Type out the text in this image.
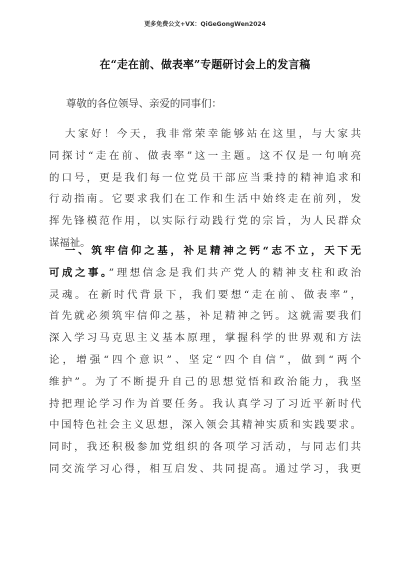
更多免费公文+VX：QiGeGongWen2024
在“走在前、做表率”专题研讨会上的发言稿
尊敬的各位领导、亲爱的同事们：
大家好！今天，我非常荣幸能够站在这里，与大家共
同探讨“走在前、做表率”这一主题。这不仅是一句响亮
的口号，更是我们每一位党员干部应当秉持的精神追求和
行动指南。它要求我们在工作和生活中始终走在前列，发
挥先锋模范作用，以实际行动践行党的宗旨，为人民群众
谋福祉。
一、筑牢信仰之基，补足精神之钙“志不立，天下无
可成之事。”理想信念是我们共产党人的精神支柱和政治
灵魂。在新时代背景下，我们要想“走在前、做表率”，
首先就必须筑牢信仰之基，补足精神之钙。这就需要我们
深入学习马克思主义基本原理，掌握科学的世界观和方法
论，增强“四个意识”、坚定“四个自信”，做到“两个
维护”。为了不断提升自己的思想觉悟和政治能力，我坚
持把理论学习作为首要任务。我认真学习了习近平新时代
中国特色社会主义思想，深入领会其精神实质和实践要求。
同时，我还积极参加党组织的各项学习活动，与同志们共
同交流学习心得，相互启发、共同提高。通过学习，我更
